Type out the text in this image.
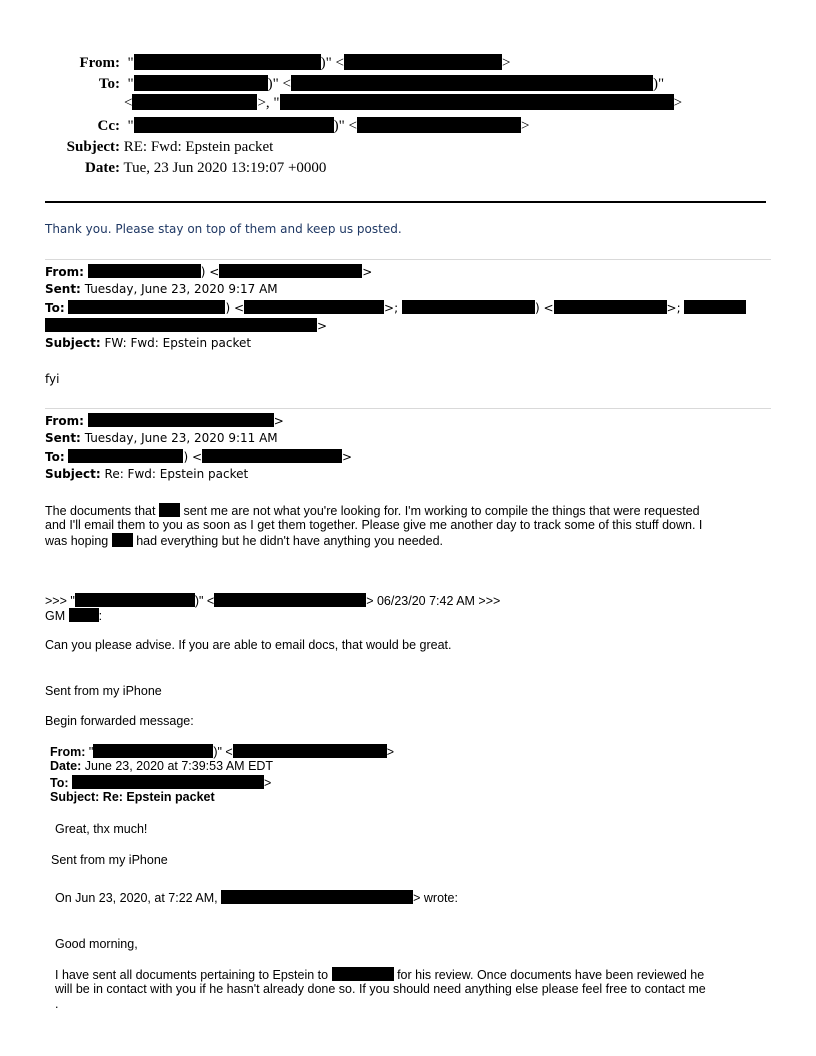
From:  "	)" <	>
To:  "	)" <	)"
<	>, "	>
Cc:  "	)" <	>
Subject: RE: Fwd: Epstein packet
Date: Tue, 23 Jun 2020 13:19:07 +0000
Thank you. Please stay on top of them and keep us posted.
From:	) <	>
Sent: Tuesday, June 23, 2020 9:17 AM
To:	) <	>;	) <	>;
>
Subject: FW: Fwd: Epstein packet
fyi
From:	>
Sent: Tuesday, June 23, 2020 9:11 AM
To:	) <	>
Subject: Re: Fwd: Epstein packet
The documents that sent me are not what you're looking for. I'm working to compile the things that were requested
and I'll email them to you as soon as I get them together. Please give me another day to track some of this stuff down. I
was hoping had everything but he didn't have anything you needed.
>>> "	)" <	> 06/23/20 7:42 AM >>>
GM	:
Can you please advise. If you are able to email docs, that would be great.
Sent from my iPhone
Begin forwarded message:
From: "	)" <	>
Date: June 23, 2020 at 7:39:53 AM EDT
To:	>
Subject: Re: Epstein packet
Great, thx much!
Sent from my iPhone
On Jun 23, 2020, at 7:22 AM,	> wrote:
Good morning,
I have sent all documents pertaining to Epstein to	for his review. Once documents have been reviewed he
will be in contact with you if he hasn't already done so. If you should need anything else please feel free to contact me
.
